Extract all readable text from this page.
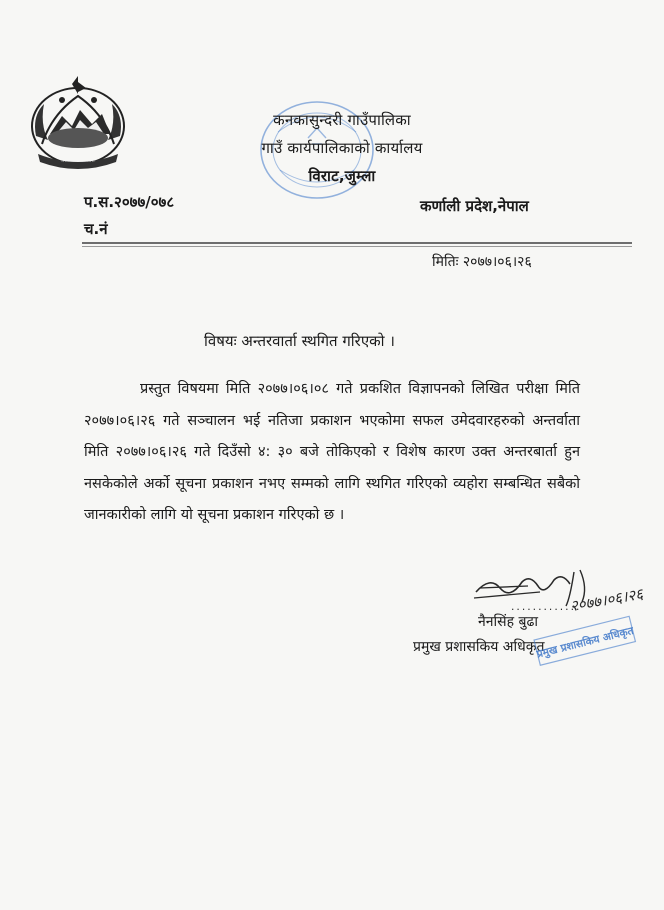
·····················
कनकासुन्दरी गाउँपालिका
गाउँ कार्यपालिकाको कार्यालय
विराट,जुम्ला
प.स.२०७७/०७८
च.नं
कर्णाली प्रदेश,नेपाल
मितिः २०७७।०६।२६
विषयः अन्तरवार्ता स्थगित गरिएको ।
प्रस्तुत विषयमा मिति २०७७।०६।०८ गते प्रकशित विज्ञापनको लिखित परीक्षा मिति २०७७।०६।२६ गते सञ्चालन भई नतिजा प्रकाशन भएकोमा सफल उमेदवारहरुको अन्तर्वाता मिति २०७७।०६।२६ गते दिउँसो ४: ३० बजे तोकिएको र विशेष कारण उक्त अन्तरबार्ता हुन नसकेकोले अर्को सूचना प्रकाशन नभए सम्मको लागि स्थगित गरिएको व्यहोरा सम्बन्धित सबैको जानकारीको लागि यो सूचना प्रकाशन गरिएको छ ।
.............
२०७७।०६।२६
नैनसिंह बुढा
प्रमुख प्रशासकिय अधिकृत
प्रमुख प्रशासकिय अधिकृत
